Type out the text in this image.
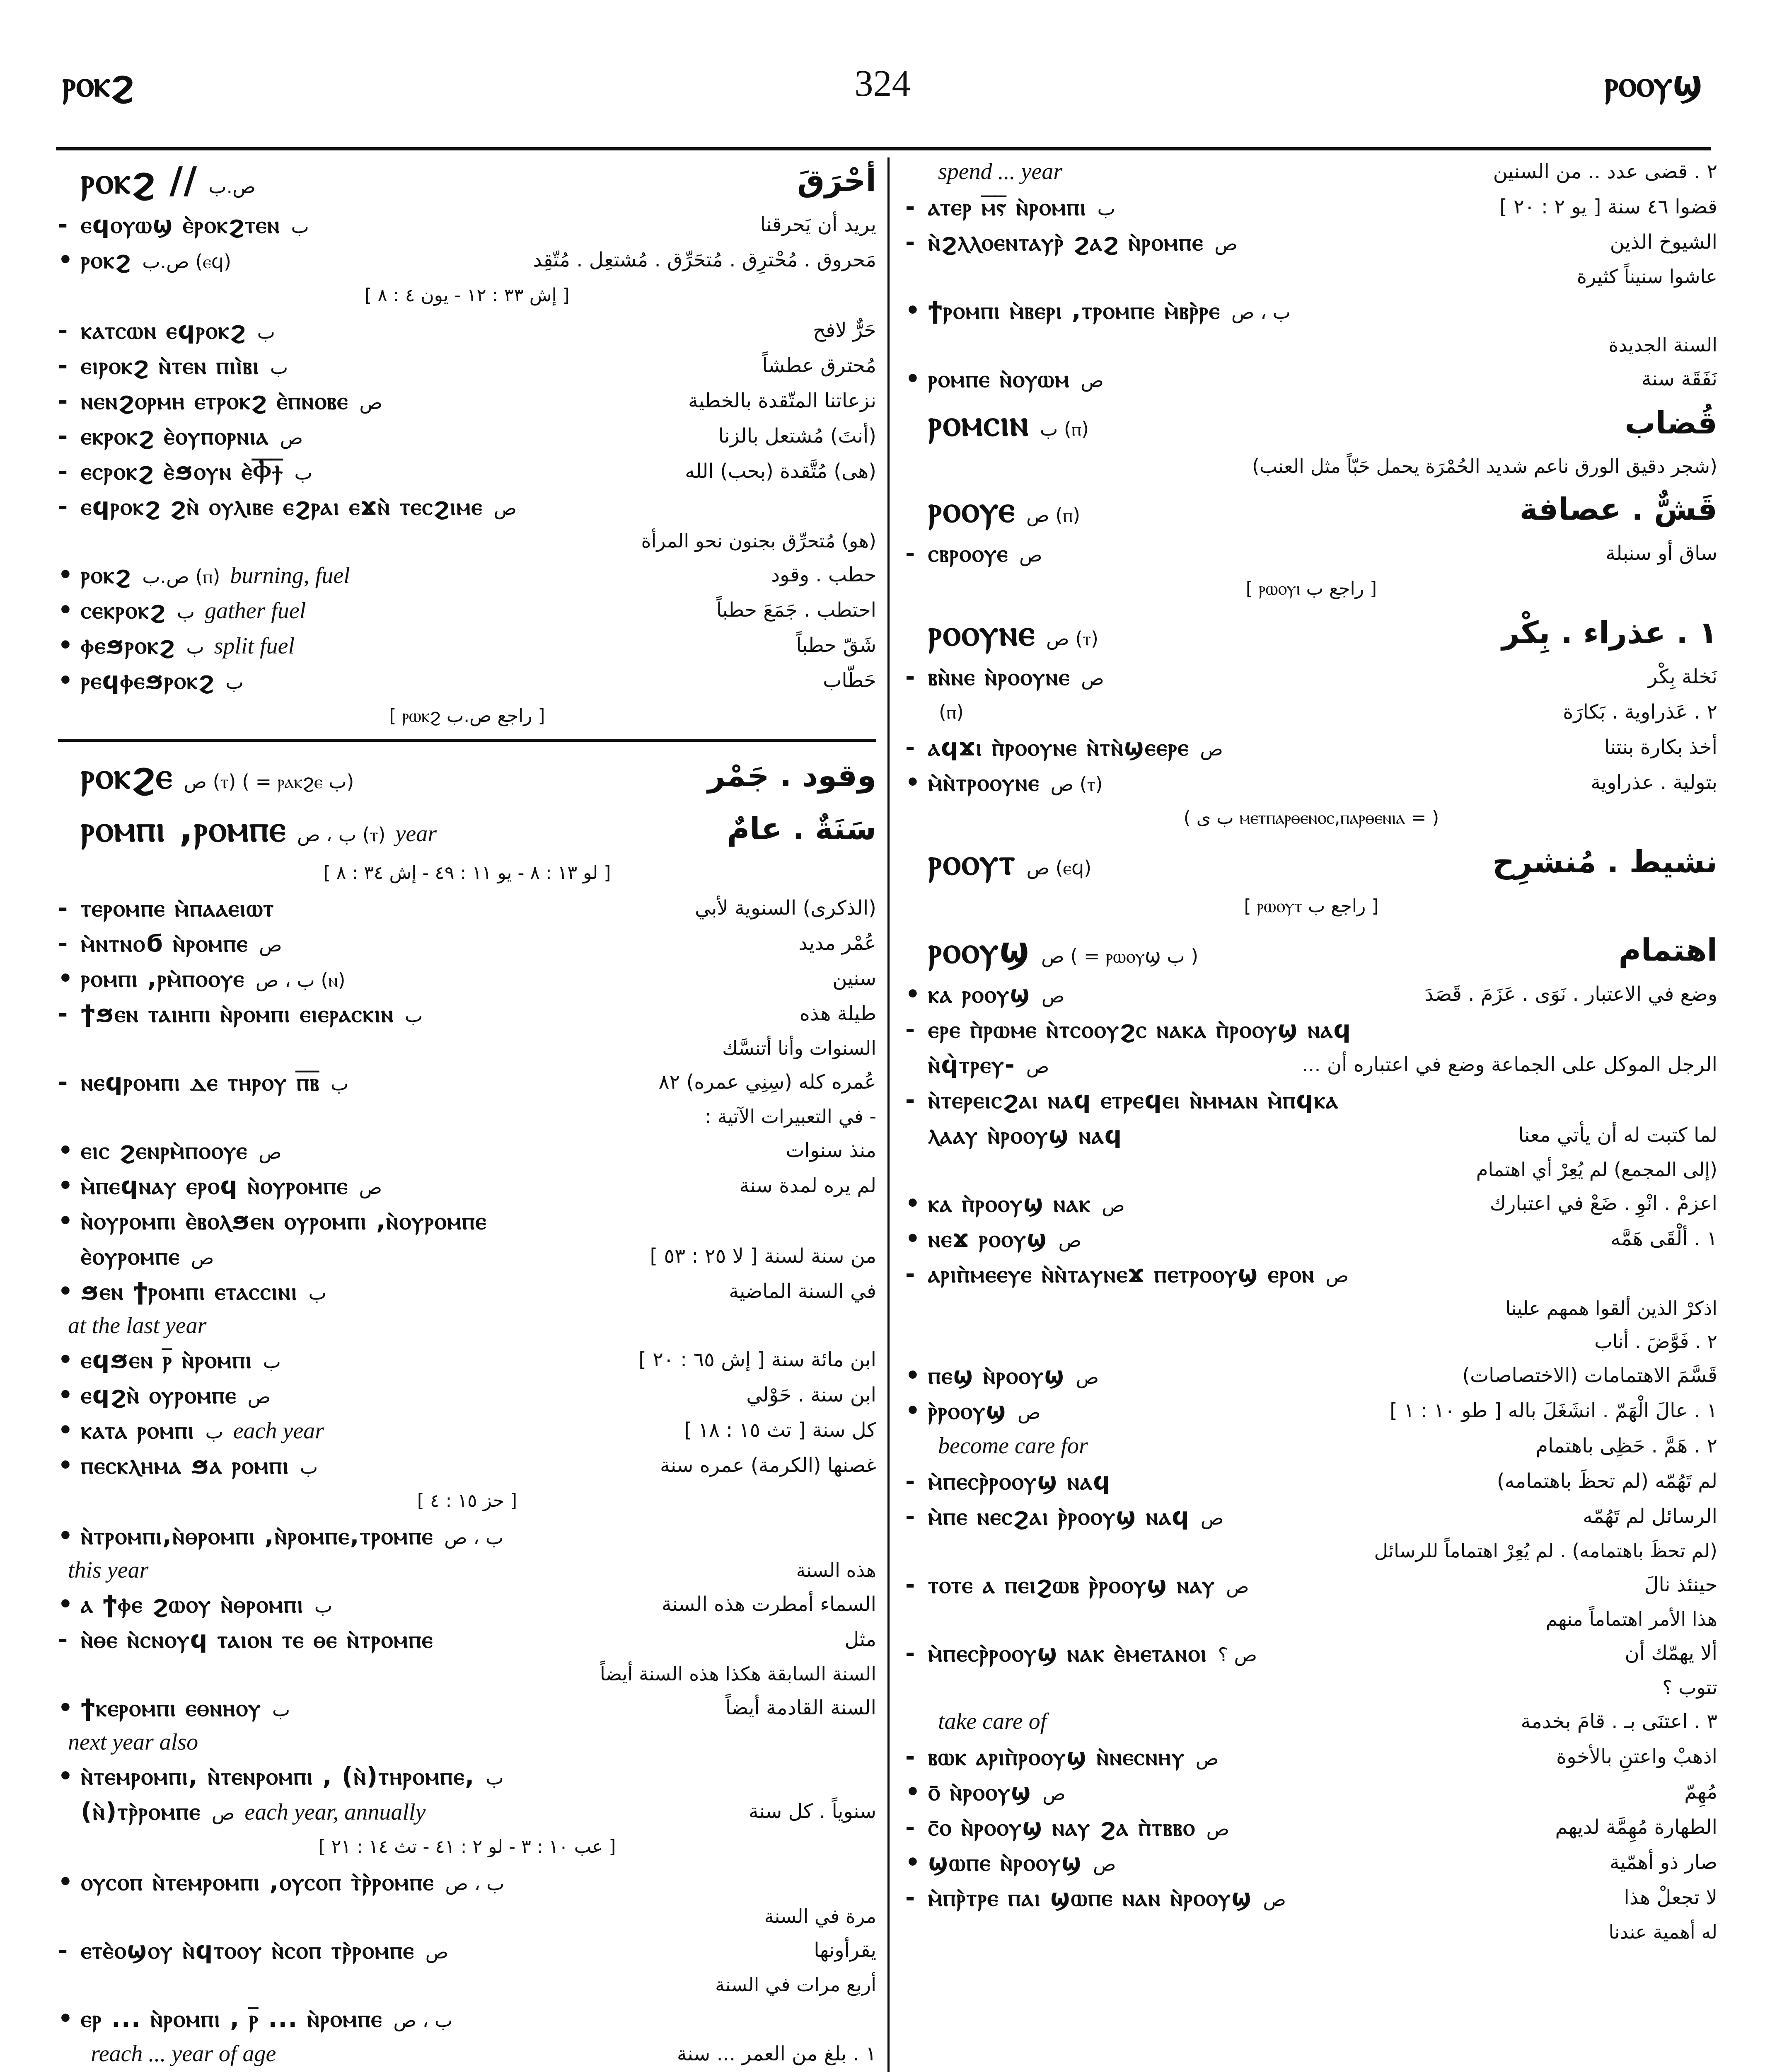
ⲣⲟⲕϩ	324	ⲣⲟⲟⲩϣ
ⲣⲟⲕϩ // ص.ب	أحْرَقَ
- ⲉϥⲟⲩⲱϣ ⲉ̀ⲣⲟⲕϩⲧⲉⲛ ب	يريد أن يَحرقنا
• ⲣⲟⲕϩ ص.ب (ⲉϥ)	مَحروق . مُحْترِق . مُتحَرِّق . مُشتعِل . مُتّقِد
[ إش ٣٣ : ١٢ - يون ٤ : ٨ ]
- ⲕⲁⲧⲥⲱⲛ ⲉϥⲣⲟⲕϩ ب	حَرٌّ لافح
- ⲉⲓⲣⲟⲕϩ ⲛ̀ⲧⲉⲛ ⲡⲓⲓ̀ⲃⲓ ب	مُحترق عطشاً
- ⲛⲉⲛϩⲟⲣⲙⲏ ⲉⲧⲣⲟⲕϩ ⲉ̀ⲡⲛⲟⲃⲉ ص	نزعاتنا المتّقدة بالخطية
- ⲉⲕⲣⲟⲕϩ ⲉ̀ⲟⲩⲡⲟⲣⲛⲓⲁ ص	(أنتَ) مُشتعل بالزنا
- ⲉⲥⲣⲟⲕϩ ⲉ̀ϧⲟⲩⲛ ⲉ̀Ⲫ︦ϯ︦ ب	(هى) مُتَّقدة (بحب) الله
- ⲉϥⲣⲟⲕϩ ϩⲛ̀ ⲟⲩⲗⲓⲃⲉ ⲉϩⲣⲁⲓ ⲉϫⲛ̀ ⲧⲉⲥϩⲓⲙⲉ ص
(هو) مُتحرِّق بجنون نحو المرأة
• ⲣⲟⲕϩ ص.ب (ⲡ) burning, fuel	حطب . وقود
• ⲥⲉⲕⲣⲟⲕϩ ب gather fuel	احتطب . جَمَعَ حطباً
• ⲫⲉϧⲣⲟⲕϩ ب split fuel	شَقّ حطباً
• ⲣⲉϥⲫⲉϧⲣⲟⲕϩ ب	حَطّاب
[ راجع ص.ب ⲣⲱⲕϩ ]
ⲣⲟⲕϩⲉ ص (ⲧ) ( = ⲣⲁⲕϩⲉ ب)	وقود . جَمْر
ⲣⲟⲙⲡⲓ ,ⲣⲟⲙⲡⲉ ب ، ص (ⲧ) year	سَنَةٌ . عامٌ
[ لو ١٣ : ٨ - يو ١١ : ٤٩ - إش ٣٤ : ٨ ]
- ⲧⲉⲣⲟⲙⲡⲉ ⲙ̀ⲡⲁⲁⲉⲓⲱⲧ	(الذكرى) السنوية لأبي
- ⲙ̀ⲛⲧⲛⲟϭ ⲛ̀ⲣⲟⲙⲡⲉ ص	عُمْر مديد
• ⲣⲟⲙⲡⲓ ,ⲣⲙ̀ⲡⲟⲟⲩⲉ ب ، ص (ⲛ)	سنين
- ϯϧⲉⲛ ⲧⲁⲓⲏⲡⲓ ⲛ̀ⲣⲟⲙⲡⲓ ⲉⲓⲉⲣⲁⲥⲕⲓⲛ ب	طيلة هذه
السنوات وأنا أتنسَّك
- ⲛⲉϥⲣⲟⲙⲡⲓ ⲇⲉ ⲧⲏⲣⲟⲩ ⲡ̅ⲃ̅ ب	عُمره كله (سِنِي عمره) ٨٢
- في التعبيرات الآتية :
• ⲉⲓⲥ ϩⲉⲛⲣⲙ̀ⲡⲟⲟⲩⲉ ص	منذ سنوات
• ⲙ̀ⲡⲉϥⲛⲁⲩ ⲉⲣⲟϥ ⲛ̀ⲟⲩⲣⲟⲙⲡⲉ ص	لم يره لمدة سنة
• ⲛ̀ⲟⲩⲣⲟⲙⲡⲓ ⲉ̀ⲃⲟⲗϧⲉⲛ ⲟⲩⲣⲟⲙⲡⲓ ,ⲛ̀ⲟⲩⲣⲟⲙⲡⲉ
ⲉ̀ⲟⲩⲣⲟⲙⲡⲉ ص	من سنة لسنة [ لا ٢٥ : ٥٣ ]
• ϧⲉⲛ ϯⲣⲟⲙⲡⲓ ⲉⲧⲁⲥⲥⲓⲛⲓ ب	في السنة الماضية
at the last year
• ⲉϥϧⲉⲛ ⲣ̅ ⲛ̀ⲣⲟⲙⲡⲓ ب	ابن مائة سنة [ إش ٦٥ : ٢٠ ]
• ⲉϥϩⲛ̀ ⲟⲩⲣⲟⲙⲡⲉ ص	ابن سنة . حَوْلي
• ⲕⲁⲧⲁ ⲣⲟⲙⲡⲓ ب each year	كل سنة [ تث ١٥ : ١٨ ]
• ⲡⲉⲥⲕⲗⲏⲙⲁ ϧⲁ ⲣⲟⲙⲡⲓ ب	غصنها (الكرمة) عمره سنة
[ حز ١٥ : ٤ ]
• ⲛ̀ⲧⲣⲟⲙⲡⲓ,ⲛ̀ⲑⲣⲟⲙⲡⲓ ,ⲛ̀ⲣⲟⲙⲡⲉ,ⲧⲣⲟⲙⲡⲉ ب ، ص
this year	هذه السنة
• ⲁ ϯⲫⲉ ϩⲱⲟⲩ ⲛ̀ⲑⲣⲟⲙⲡⲓ ب	السماء أمطرت هذه السنة
- ⲛ̀ⲑⲉ ⲛ̀ⲥⲛⲟⲩϥ ⲧⲁⲓⲟⲛ ⲧⲉ ⲑⲉ ⲛ̀ⲧⲣⲟⲙⲡⲉ	مثل
السنة السابقة هكذا هذه السنة أيضاً
• ϯⲕⲉⲣⲟⲙⲡⲓ ⲉⲑⲛⲏⲟⲩ ب	السنة القادمة أيضاً
next year also
• ⲛ̀ⲧⲉⲙⲣⲟⲙⲡⲓ, ⲛ̀ⲧⲉⲛⲣⲟⲙⲡⲓ , (ⲛ̀)ⲧⲏⲣⲟⲙⲡⲉ, ب
(ⲛ̀)ⲧⲣ̀ⲣⲟⲙⲡⲉ ص each year, annually	سنوياً . كل سنة
[ عب ١٠ : ٣ - لو ٢ : ٤١ - تث ١٤ : ٢١ ]
• ⲟⲩⲥⲟⲡ ⲛ̀ⲧⲉⲙⲣⲟⲙⲡⲓ ,ⲟⲩⲥⲟⲡ ⲧ̀ⲣ̀ⲣⲟⲙⲡⲉ ب ، ص
مرة في السنة
- ⲉⲧⲉ̀ⲟϣⲟⲩ ⲛ̀ϥⲧⲟⲟⲩ ⲛ̀ⲥⲟⲡ ⲧⲣ̀ⲣⲟⲙⲡⲉ ص	يقرأونها
أربع مرات في السنة
• ⲉⲣ ... ⲛ̀ⲣⲟⲙⲡⲓ , ⲣ̅ ... ⲛ̀ⲣⲟⲙⲡⲉ ب ، ص
reach ... year of age	١ . بلغ من العمر ... سنة
spend ... year	٢ . قضى عدد .. من السنين
- ⲁⲧⲉⲣ ⲙ̅ⲋ̅ ⲛ̀ⲣⲟⲙⲡⲓ ب	قضوا ٤٦ سنة [ يو ٢ : ٢٠ ]
- ⲛ̀ϩⲗⲗⲟⲉⲛⲧⲁⲩⲣ̀ ϩⲁϩ ⲛ̀ⲣⲟⲙⲡⲉ ص	الشيوخ الذين
عاشوا سنيناً كثيرة
• ϯⲣⲟⲙⲡⲓ ⲙ̀ⲃⲉⲣⲓ ,ⲧⲣⲟⲙⲡⲉ ⲙ̀ⲃⲣ̀ⲣⲉ ب ، ص
السنة الجديدة
• ⲣⲟⲙⲡⲉ ⲛ̀ⲟⲩⲱⲙ ص	نَفَقَة سنة
ⲣⲟⲙⲥⲓⲛ ب (ⲡ)	قُضاب
(شجر دقيق الورق ناعم شديد الحُمْرَة يحمل حَبّاً مثل العنب)
ⲣⲟⲟⲩⲉ ص (ⲡ)	قَشٌّ . عصافة
- ⲥⲃⲣⲟⲟⲩⲉ ص	ساق أو سنبلة
[ راجع ب ⲣⲱⲟⲩⲓ ]
ⲣⲟⲟⲩⲛⲉ ص (ⲧ)	١ . عذراء . بِكْر
- ⲃⲛ̀ⲛⲉ ⲛ̀ⲣⲟⲟⲩⲛⲉ ص	نَخلة بِكْر
(ⲡ)	٢ . عَذراوية . بَكارَة
- ⲁϥϫⲓ ⲡ̀ⲣⲟⲟⲩⲛⲉ ⲛ̀ⲧⲛ̀ϣⲉⲉⲣⲉ ص	أخذ بكارة بنتنا
• ⲙ̀ⲛ̀ⲧⲣⲟⲟⲩⲛⲉ ص (ⲧ)	بتولية . عذراوية
( = ⲙⲉⲧⲡⲁⲣⲑⲉⲛⲟⲥ,ⲡⲁⲣⲑⲉⲛⲓⲁ ب ى )
ⲣⲟⲟⲩⲧ ص (ⲉϥ)	نشيط . مُنشرِح
[ راجع ب ⲣⲱⲟⲩⲧ ]
ⲣⲟⲟⲩϣ ص ( = ⲣⲱⲟⲩϣ ب )	اهتمام
• ⲕⲁ ⲣⲟⲟⲩϣ ص	وضع في الاعتبار . نَوَى . عَزَمَ . قَصَدَ
- ⲉⲣⲉ ⲡ̀ⲣⲱⲙⲉ ⲛ̀ⲧⲥⲟⲟⲩϩⲥ ⲛⲁⲕⲁ ⲡ̀ⲣⲟⲟⲩϣ ⲛⲁϥ
ⲛ̀ϥ̀ⲧⲣⲉⲩ- ص	الرجل الموكل على الجماعة وضع في اعتباره أن ...
- ⲛ̀ⲧⲉⲣⲉⲓⲥϩⲁⲓ ⲛⲁϥ ⲉⲧⲣⲉϥⲉⲓ ⲛ̀ⲙⲙⲁⲛ ⲙ̀ⲡϥⲕⲁ
ⲗⲁⲁⲩ ⲛ̀ⲣⲟⲟⲩϣ ⲛⲁϥ	لما كتبت له أن يأتي معنا
(إلى المجمع) لم يُعِرْ أي اهتمام
• ⲕⲁ ⲡ̀ⲣⲟⲟⲩϣ ⲛⲁⲕ ص	اعزمْ . انْوِ . ضَعْ في اعتبارك
• ⲛⲉϫ ⲣⲟⲟⲩϣ ص	١ . ألْقَى هَمَّه
- ⲁⲣⲓⲡ̀ⲙⲉⲉⲩⲉ ⲛ̀ⲛ̀ⲧⲁⲩⲛⲉϫ ⲡⲉⲧⲣⲟⲟⲩϣ ⲉⲣⲟⲛ ص
اذكرْ الذين ألقوا همهم علينا
٢ . فَوَّضَ . أناب
• ⲡⲉϣ ⲛ̀ⲣⲟⲟⲩϣ ص	قَسَّمَ الاهتمامات (الاختصاصات)
• ⲣ̀ⲣⲟⲟⲩϣ ص	١ . عالَ الْهَمّ . انشَغَلَ باله [ طو ١٠ : ١ ]
become care for	٢ . هَمَّ . حَظِى باهتمام
- ⲙ̀ⲡⲉⲥⲣ̀ⲣⲟⲟⲩϣ ⲛⲁϥ	لم تَهُمّه (لم تحظَ باهتمامه)
- ⲙ̀ⲡⲉ ⲛⲉⲥϩⲁⲓ ⲣ̀ⲣⲟⲟⲩϣ ⲛⲁϥ ص	الرسائل لم تَهُمّه
(لم تحظَ باهتمامه) . لم يُعِرْ اهتماماً للرسائل
- ⲧⲟⲧⲉ ⲁ ⲡⲉⲓϩⲱⲃ ⲣ̀ⲣⲟⲟⲩϣ ⲛⲁⲩ ص	حينئذ نالَ
هذا الأمر اهتماماً منهم
- ⲙ̀ⲡⲉⲥⲣ̀ⲣⲟⲟⲩϣ ⲛⲁⲕ ⲉ̀ⲙⲉⲧⲁⲛⲟⲓ ص ؟	ألا يهمّك أن
تتوب ؟
take care of	٣ . اعتنَى بـ . قامَ بخدمة
- ⲃⲱⲕ ⲁⲣⲓⲡ̀ⲣⲟⲟⲩϣ ⲛ̀ⲛⲉⲥⲛⲏⲩ ص	اذهبْ واعتنِ بالأخوة
• ⲟ̄ ⲛ̀ⲣⲟⲟⲩϣ ص	مُهِمّ
- ⲥ̄ⲟ ⲛ̀ⲣⲟⲟⲩϣ ⲛⲁⲩ ϩⲁ ⲡ̀ⲧⲃⲃⲟ ص	الطهارة مُهِمَّة لديهم
• ϣⲱⲡⲉ ⲛ̀ⲣⲟⲟⲩϣ ص	صار ذو أهمّية
- ⲙ̀ⲡⲣ̀ⲧⲣⲉ ⲡⲁⲓ ϣⲱⲡⲉ ⲛⲁⲛ ⲛ̀ⲣⲟⲟⲩϣ ص	لا تجعلْ هذا
له أهمية عندنا
